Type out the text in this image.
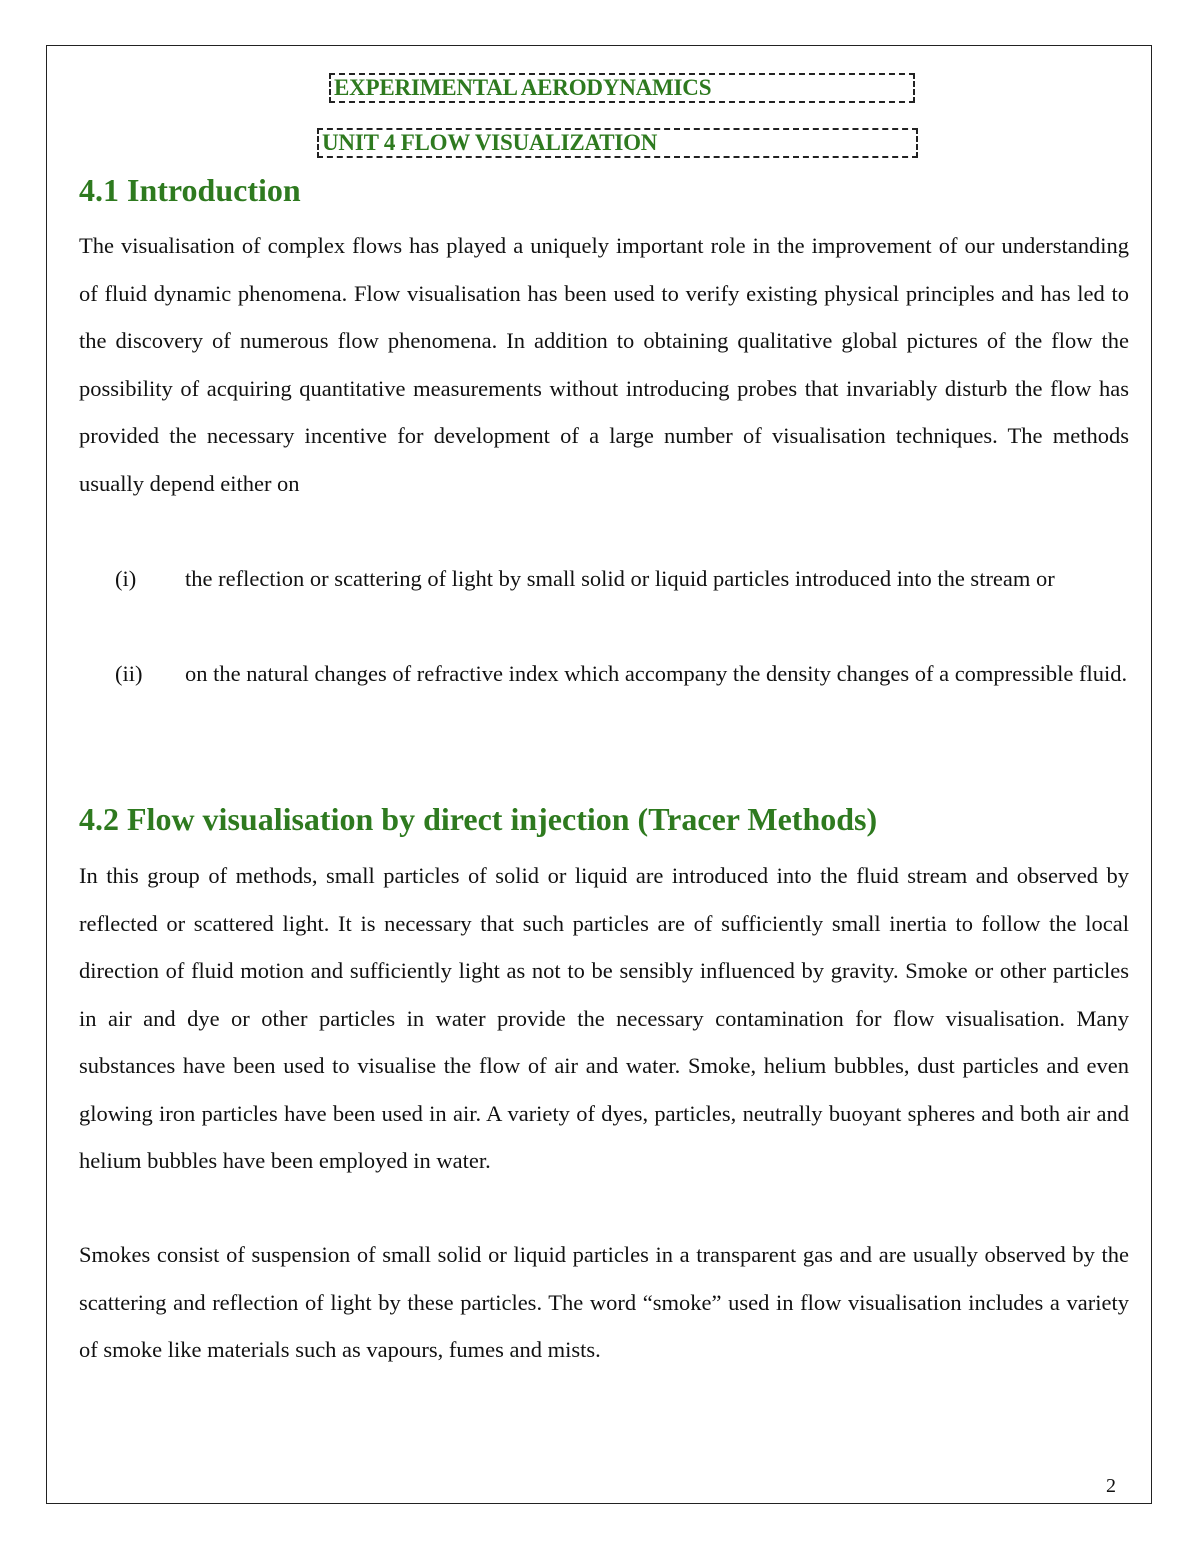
EXPERIMENTAL AERODYNAMICS
UNIT 4 FLOW VISUALIZATION
4.1 Introduction

The visualisation of complex flows has played a uniquely important role in the improvement of our understanding of fluid dynamic phenomena. Flow visualisation has been used to verify existing physical principles and has led to the discovery of numerous flow phenomena. In addition to obtaining qualitative global pictures of the flow the possibility of acquiring quantitative measurements without introducing probes that invariably disturb the flow has provided the necessary incentive for development of a large number of visualisation techniques. The methods usually depend either on

(i) the reflection or scattering of light by small solid or liquid particles introduced into the stream or
(ii) on the natural changes of refractive index which accompany the density changes of a compressible fluid.
4.2 Flow visualisation by direct injection (Tracer Methods)

In this group of methods, small particles of solid or liquid are introduced into the fluid stream and observed by reflected or scattered light. It is necessary that such particles are of sufficiently small inertia to follow the local direction of fluid motion and sufficiently light as not to be sensibly influenced by gravity. Smoke or other particles in air and dye or other particles in water provide the necessary contamination for flow visualisation. Many substances have been used to visualise the flow of air and water. Smoke, helium bubbles, dust particles and even glowing iron particles have been used in air. A variety of dyes, particles, neutrally buoyant spheres and both air and helium bubbles have been employed in water.

Smokes consist of suspension of small solid or liquid particles in a transparent gas and are usually observed by the scattering and reflection of light by these particles. The word “smoke” used in flow visualisation includes a variety of smoke like materials such as vapours, fumes and mists.

2
